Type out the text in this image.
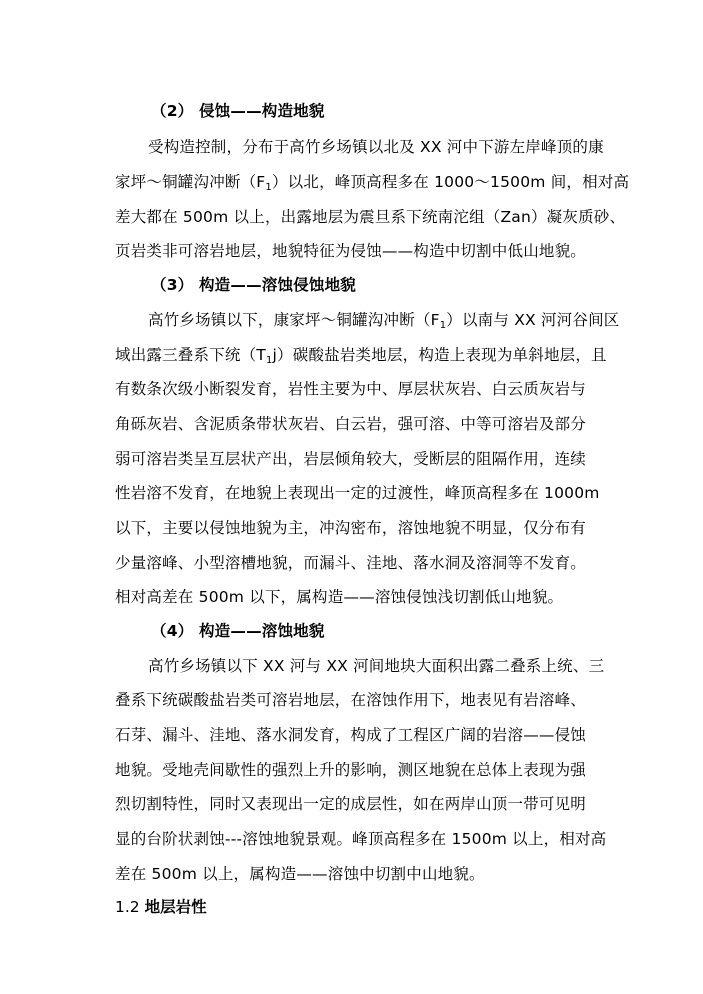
（2） 侵蚀——构造地貌
受构造控制，分布于高竹乡场镇以北及 XX 河中下游左岸峰顶的康
家坪～铜罐沟冲断$(F_1)$以北，峰顶高程多在 1000～1500m 间，相对高
差大都在 500m 以上，出露地层为震旦系下统南沱组（Zan）凝灰质砂、
页岩类非可溶岩地层，地貌特征为侵蚀——构造中切割中低山地貌。
（3） 构造——溶蚀侵蚀地貌
高竹乡场镇以下，康家坪～铜罐沟冲断$(F_1)$以南与 XX 河河谷间区
域出露三叠系下统$(T_1j)$碳酸盐岩类地层，构造上表现为单斜地层，且
有数条次级小断裂发育，岩性主要为中、厚层状灰岩、白云质灰岩与
角砾灰岩、含泥质条带状灰岩、白云岩，强可溶、中等可溶岩及部分
弱可溶岩类呈互层状产出，岩层倾角较大，受断层的阻隔作用，连续
性岩溶不发育，在地貌上表现出一定的过渡性，峰顶高程多在 1000m
以下，主要以侵蚀地貌为主，冲沟密布，溶蚀地貌不明显，仅分布有
少量溶峰、小型溶槽地貌，而漏斗、洼地、落水洞及溶洞等不发育。
相对高差在 500m 以下，属构造——溶蚀侵蚀浅切割低山地貌。
（4） 构造——溶蚀地貌
高竹乡场镇以下 XX 河与 XX 河间地块大面积出露二叠系上统、三
叠系下统碳酸盐岩类可溶岩地层，在溶蚀作用下，地表见有岩溶峰、
石芽、漏斗、洼地、落水洞发育，构成了工程区广阔的岩溶——侵蚀
地貌。受地壳间歇性的强烈上升的影响，测区地貌在总体上表现为强
烈切割特性，同时又表现出一定的成层性，如在两岸山顶一带可见明
显的台阶状剥蚀---溶蚀地貌景观。峰顶高程多在 1500m 以上，相对高
差在 500m 以上，属构造——溶蚀中切割中山地貌。
1.2 地层岩性
